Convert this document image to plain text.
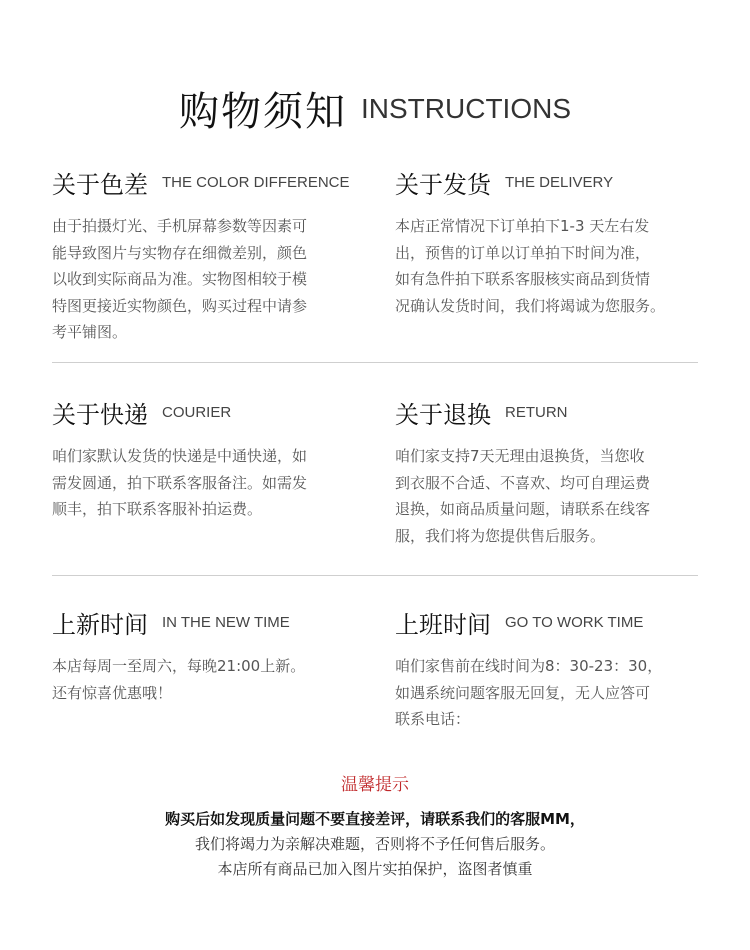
购物须知 INSTRUCTIONS
关于色差 THE COLOR DIFFERENCE

由于拍摄灯光、手机屏幕参数等因素可

能导致图片与实物存在细微差别，颜色

以收到实际商品为准。实物图相较于模

特图更接近实物颜色，购买过程中请参

考平铺图。

关于发货 THE DELIVERY

本店正常情况下订单拍下1-3 天左右发

出，预售的订单以订单拍下时间为准，

如有急件拍下联系客服核实商品到货情

况确认发货时间，我们将竭诚为您服务。

关于快递 COURIER

咱们家默认发货的快递是中通快递，如

需发圆通，拍下联系客服备注。如需发

顺丰，拍下联系客服补拍运费。

关于退换 RETURN

咱们家支持7天无理由退换货，当您收

到衣服不合适、不喜欢、均可自理运费

退换，如商品质量问题，请联系在线客

服，我们将为您提供售后服务。

上新时间 IN THE NEW TIME

本店每周一至周六，每晚21:00上新。

还有惊喜优惠哦！

上班时间 GO TO WORK TIME

咱们家售前在线时间为8：30-23：30，

如遇系统问题客服无回复，无人应答可

联系电话：

温馨提示
购买后如发现质量问题不要直接差评，请联系我们的客服MM，
我们将竭力为亲解决难题，否则将不予任何售后服务。
本店所有商品已加入图片实拍保护，盗图者慎重
